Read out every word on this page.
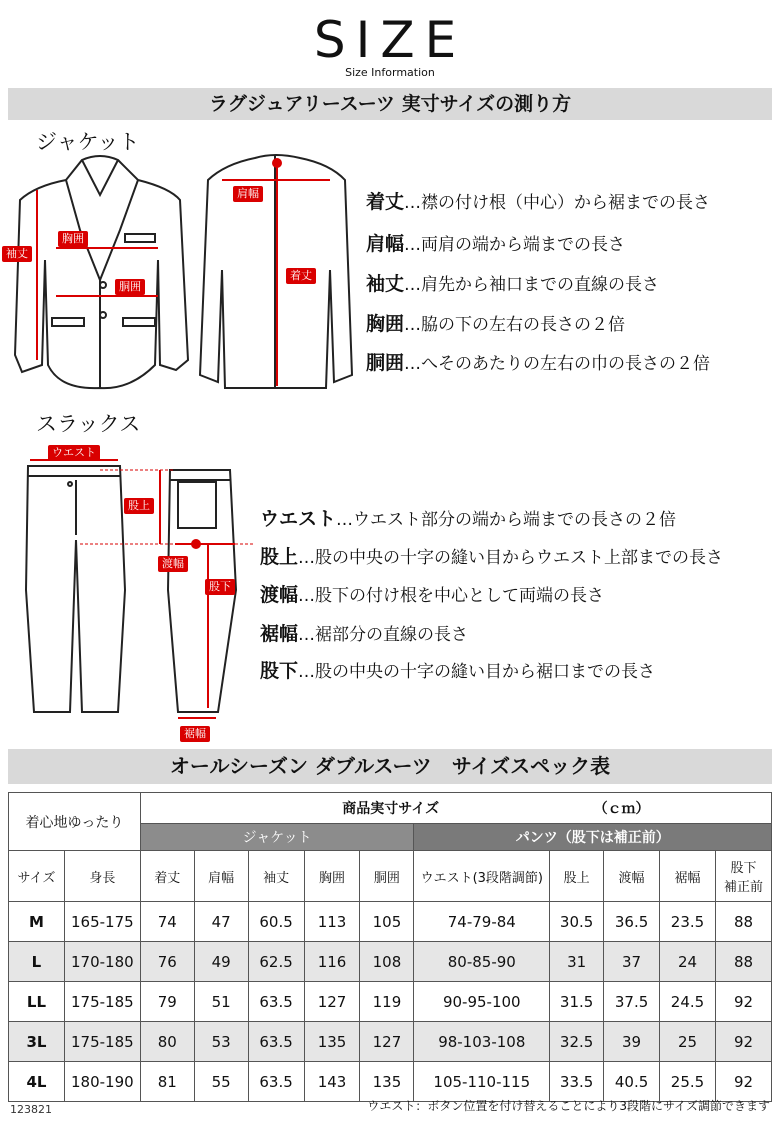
SIZE
Size Information
ラグジュアリースーツ 実寸サイズの測り方
ジャケット
袖丈
胸囲
胴囲
肩幅
着丈
着丈…襟の付け根（中心）から裾までの長さ
肩幅…両肩の端から端までの長さ
袖丈…肩先から袖口までの直線の長さ
胸囲…脇の下の左右の長さの２倍
胴囲…へそのあたりの左右の巾の長さの２倍
スラックス
ウエスト
股上
渡幅
股下
裾幅
ウエスト…ウエスト部分の端から端までの長さの２倍
股上…股の中央の十字の縫い目からウエスト上部までの長さ
渡幅…股下の付け根を中心として両端の長さ
裾幅…裾部分の直線の長さ
股下…股の中央の十字の縫い目から裾口までの長さ
オールシーズン ダブルスーツ　サイズスペック表
着心地ゆったり		商品実寸サイズ （ｃｍ）									
		ジャケット					パンツ（股下は補正前）				
サイズ	身長	着丈	肩幅	袖丈	胸囲	胴囲	ウエスト(3段階調節)	股上	渡幅	裾幅	股下
補正前
M	165-175	74	47	60.5	113	105	74-79-84	30.5	36.5	23.5	88
L	170-180	76	49	62.5	116	108	80-85-90	31	37	24	88
LL	175-185	79	51	63.5	127	119	90-95-100	31.5	37.5	24.5	92
3L	175-185	80	53	63.5	135	127	98-103-108	32.5	39	25	92
4L	180-190	81	55	63.5	143	135	105-110-115	33.5	40.5	25.5	92
123821	ウエスト：ボタン位置を付け替えることにより3段階にサイズ調節できます
